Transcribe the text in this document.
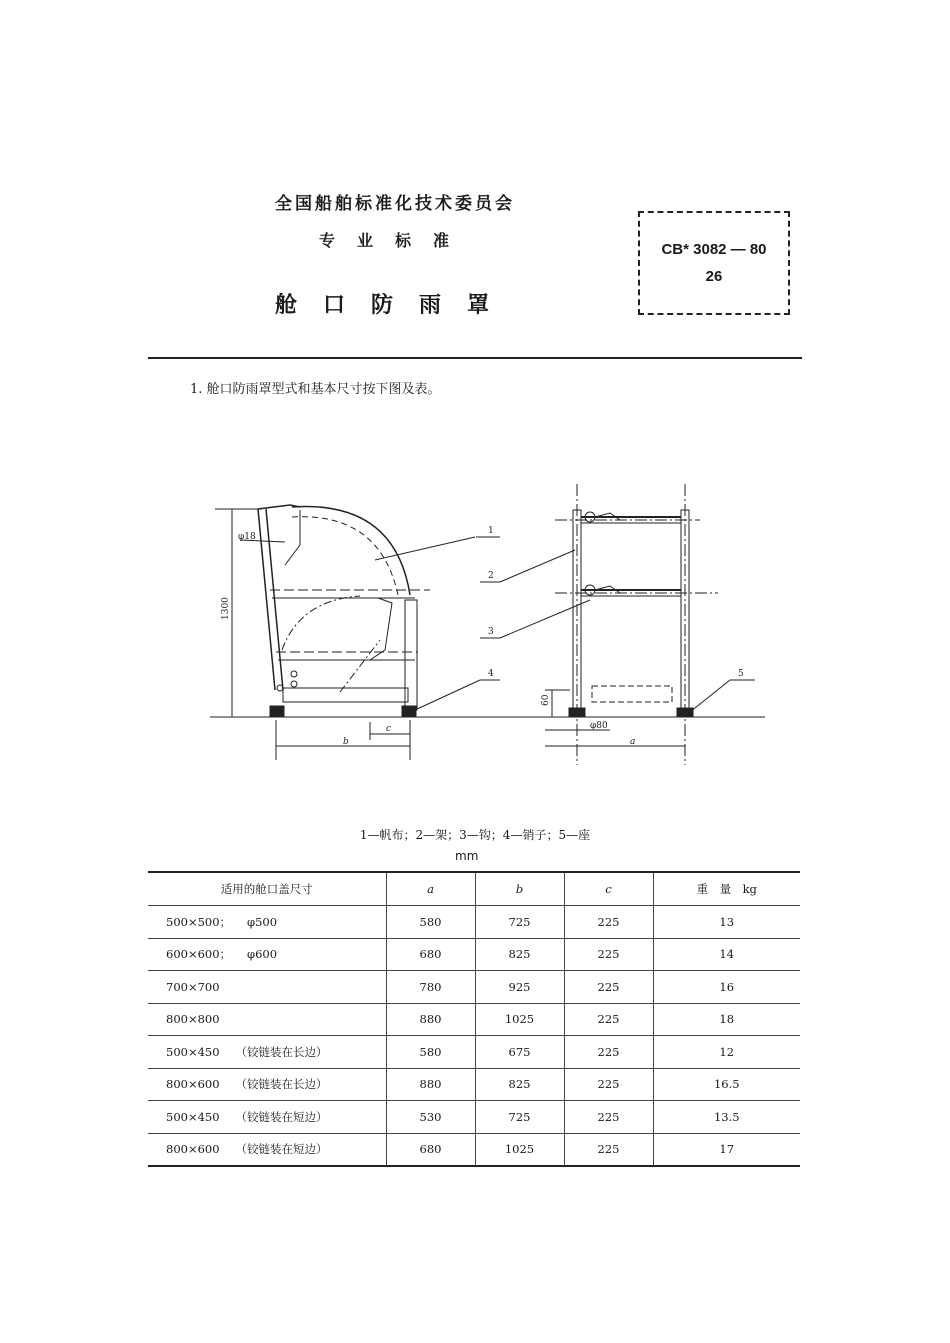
全国船舶标准化技术委员会
专业标准
舱口防雨罩
CB* 3082 — 80
26
1. 舱口防雨罩型式和基本尺寸按下图及表。
φ18
1300
c
b
60
φ80
a
1
2
3
4	5
1—帆布；2—架；3—钩；4—销子；5—座
mm
适用的舱口盖尺寸	a	b	c	重　量　kg
500×500； φ500	580	725	225	13
600×600； φ600	680	825	225	14
700×700	780	925	225	16
800×800	880	1025	225	18
500×450 （铰链装在长边）	580	675	225	12
800×600 （铰链装在长边）	880	825	225	16.5
500×450 （铰链装在短边）	530	725	225	13.5
800×600 （铰链装在短边）	680	1025	225	17
